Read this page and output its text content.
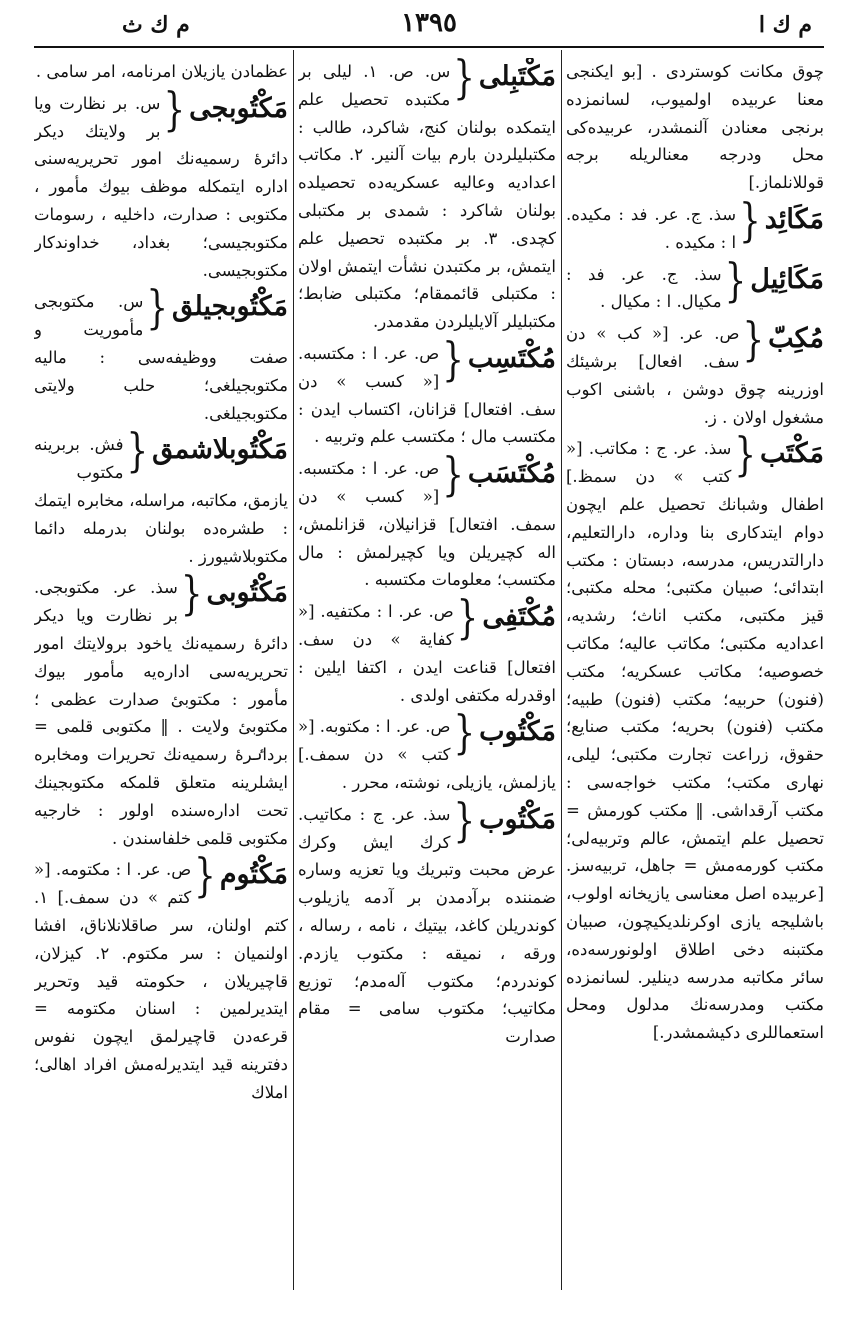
م ك ا
١٣٩٥
م ك ث
چوق مكانت كوستردی . [بو ايكنجی معنا عربيده اولميوب، لسانمزده برنجی معنادن آلنمشدر، عربيده‌كی محل ودرجه معنالريله برجه قوللانلماز.]
مَكَائِد
{
سذ. ج. عر. فد : مكيده. ا : مكيده .
مَكَائِيل
{
سذ. ج. عر. فد : مكيال. ا : مكيال .
مُكِبّ
{
ص. عر. [« كب » دن سف. افعال] برشيئك اوزرينه چوق دوشن ، باشنی اكوب مشغول اولان . ز.
مَكْتَب
{
سذ. عر. ج : مكاتب. [« كتب » دن سمظ.] اطفال وشبانك تحصيل علم ايچون دوام ايتدكاری بنا وداره، دارالتعليم، دارالتدريس، مدرسه، دبستان : مكتب ابتدائی؛ صبيان مكتبی؛ محله مكتبی؛ قيز مكتبی، مكتب اناث؛ رشديه، اعداديه مكتبی؛ مكاتب عاليه؛ مكاتب خصوصيه؛ مكاتب عسكريه؛ مكتب (فنون) حربيه؛ مكتب (فنون) طبيه؛ مكتب (فنون) بحريه؛ مكتب صنايع؛ حقوق، زراعت تجارت مكتبی؛ ليلی، نهاری مكتب؛ مكتب خواجه‌سی : مكتب آرقداشی. ‖ مكتب كورمش = تحصيل علم ايتمش، عالم وتربيه‌لی؛ مكتب كورمه‌مش = جاهل، تربيه‌سز. [عربيده اصل معناسی يازيخانه اولوب، باشليجه يازی اوكرنلديكيچون، صبيان مكتبنه دخی اطلاق اولونورسه‌ده، سائر مكاتبه مدرسه دينلير. لسانمزده مكتب ومدرسه‌نك مدلول ومحل استعماللری دكيشمشدر.]
مَكْتَبِلی
{
س. ص. ١. ليلی بر مكتبده تحصيل علم ايتمكده بولنان كنج، شاكرد، طالب : مكتبليلردن بارم بيات آلنير. ٢. مكاتب اعداديه وعاليه عسكريه‌ده تحصيلده بولنان شاكرد : شمدی بر مكتبلی كچدی. ٣. بر مكتبده تحصيل علم ايتمش، بر مكتبدن نشأت ايتمش اولان : مكتبلی قائممقام؛ مكتبلی ضابط؛ مكتبليلر آلايليلردن مقدمدر.
مُكْتَسِب
{
ص. عر. ا : مكتسبه. [« كسب » دن سف. افتعال] قزانان، اكتساب ايدن : مكتسب مال ؛ مكتسب علم وتربيه .
مُكْتَسَب
{
ص. عر. ا : مكتسبه. [« كسب » دن سمف. افتعال] قزانيلان، قزانلمش، اله كچيريلن ويا كچيرلمش : مال مكتسب؛ معلومات مكتسبه .
مُكْتَفِی
{
ص. عر. ا : مكتفيه. [« كفاية » دن سف. افتعال] قناعت ايدن ، اكتفا ايلين : اوقدرله مكتفی اولدی .
مَكْتُوب
{
ص. عر. ا : مكتوبه. [« كتب » دن سمف.] يازلمش، يازيلی، نوشته، محرر .
مَكْتُوب
{
سذ. عر. ج : مكاتيب. كرك ايش وكرك عرض محبت وتبريك ويا تعزيه وساره ضمننده برآدمدن بر آدمه يازيلوب كوندريلن كاغد، بيتيك ، نامه ، رساله ، ورقه ، نميقه : مكتوب يازدم. كوندردم؛ مكتوب آلەمدم؛ توزيع مكاتيب؛ مكتوب سامی = مقام صدارت
عظمادن يازيلان امرنامه، امر سامی .
مَكْتُوبجی
{
س. بر نظارت ويا بر ولايتك ديكر دائرهٔ رسميه‌نك امور تحريريه‌سنی اداره ايتمكله موظف بيوك مأمور ، مكتوبی : صدارت، داخليه ، رسومات مكتوبجيسی؛ بغداد، خداوندكار مكتوبجيسی.
مَكْتُوبجيلق
{
س. مكتوبجی مأموريت و صفت ووظيفه‌سی : ماليه مكتوبجيلغی؛ حلب ولايتی مكتوبجيلغی.
مَكْتُوبلاشمق
{
فش. بربرينه مكتوب يازمق، مكاتبه، مراسله، مخابره ايتمك : طشره‌ده بولنان بدرمله دائما مكتوبلاشيورز .
مَكْتُوبی
{
سذ. عر. مكتوبجی. بر نظارت ويا ديكر دائرهٔ رسميه‌نك ياخود برولايتك امور تحريريه‌سی اداره‌يه مأمور بيوك مأمور : مكتوبیٔ صدارت عظمی ؛ مكتوبیٔ ولايت . ‖ مكتوبی قلمی = برداٸرهٔ رسميه‌نك تحريرات ومخابره ايشلرينه متعلق قلمكه مكتوبجينك تحت اداره‌سنده اولور : خارجيه مكتوبی قلمی خلفاسندن .
مَكْتُوم
{
ص. عر. ا : مكتومه. [« كتم » دن سمف.] ١. كتم اولنان، سر صاقلانلاناق، افشا اولنميان : سر مكتوم. ٢. كيزلان، قاچيريلان ، حكومته قيد وتحرير ايتديرلمين : اسنان مكتومه = قرعه‌دن قاچيرلمق ايچون نفوس دفترينه قيد ايتديرلەمش افراد اهالی؛ املاك
